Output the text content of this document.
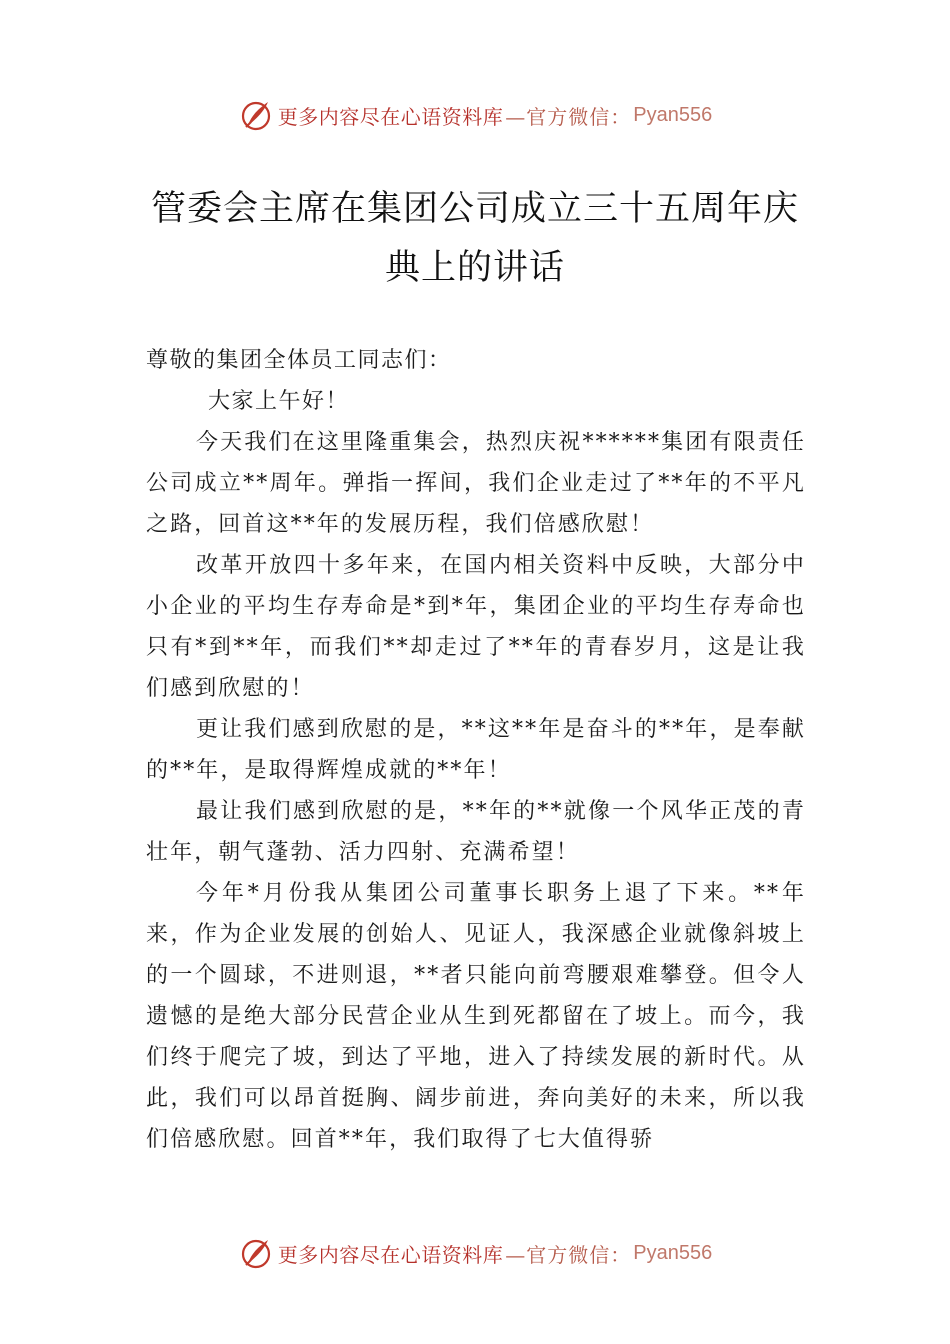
更多内容尽在心语资料库 —官方微信： Pyan556
管委会主席在集团公司成立三十五周年庆
典上的讲话

尊敬的集团全体员工同志们：

大家上午好！

今天我们在这里隆重集会，热烈庆祝******集团有限责任公司成立**周年。弹指一挥间，我们企业走过了**年的不平凡之路，回首这**年的发展历程，我们倍感欣慰！

改革开放四十多年来，在国内相关资料中反映，大部分中小企业的平均生存寿命是*到*年，集团企业的平均生存寿命也只有*到**年，而我们**却走过了**年的青春岁月，这是让我们感到欣慰的！

更让我们感到欣慰的是，**这**年是奋斗的**年，是奉献的**年，是取得辉煌成就的**年！

最让我们感到欣慰的是，**年的**就像一个风华正茂的青壮年，朝气蓬勃、活力四射、充满希望！

今年*月份我从集团公司董事长职务上退了下来。**年来，作为企业发展的创始人、见证人，我深感企业就像斜坡上的一个圆球，不进则退，**者只能向前弯腰艰难攀登。但令人遗憾的是绝大部分民营企业从生到死都留在了坡上。而今，我们终于爬完了坡，到达了平地，进入了持续发展的新时代。从此，我们可以昂首挺胸、阔步前进，奔向美好的未来，所以我们倍感欣慰。回首**年，我们取得了七大值得骄

更多内容尽在心语资料库 —官方微信： Pyan556
